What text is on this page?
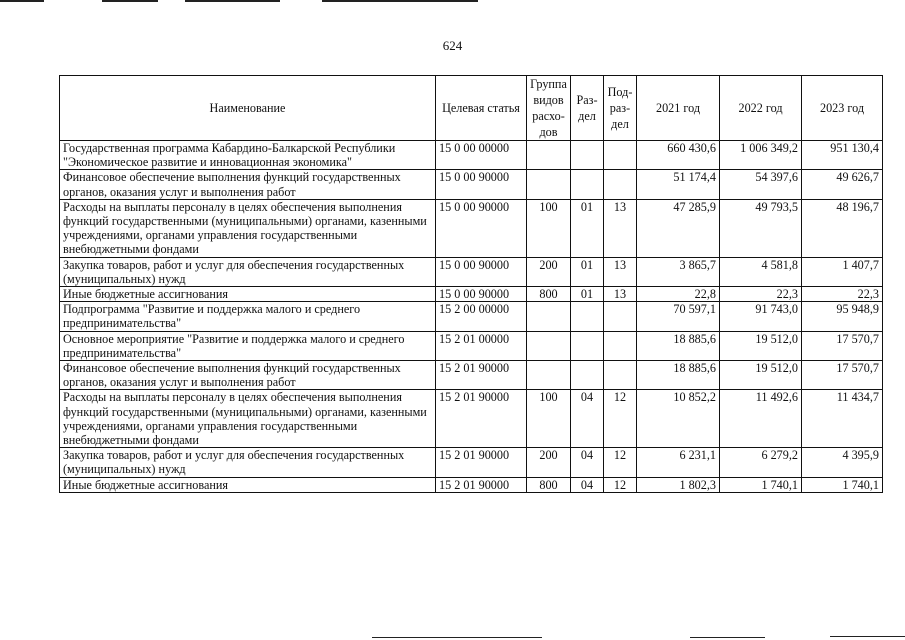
624
Наименование	Целевая статья	Группа видов расхо-дов	Раз-дел	Под-раз-дел	2021 год	2022 год	2023 год
Государственная программа Кабардино-Балкарской Республики "Экономическое развитие и инновационная экономика"	15 0 00 00000				660 430,6	1 006 349,2	951 130,4
Финансовое обеспечение выполнения функций государственных органов, оказания услуг и выполнения работ	15 0 00 90000				51 174,4	54 397,6	49 626,7
Расходы на выплаты персоналу в целях обеспечения выполнения функций государственными (муниципальными) органами, казенными учреждениями, органами управления государственными внебюджетными фондами	15 0 00 90000	100	01	13	47 285,9	49 793,5	48 196,7
Закупка товаров, работ и услуг для обеспечения государственных (муниципальных) нужд	15 0 00 90000	200	01	13	3 865,7	4 581,8	1 407,7
Иные бюджетные ассигнования	15 0 00 90000	800	01	13	22,8	22,3	22,3
Подпрограмма "Развитие и поддержка малого и среднего предпринимательства"	15 2 00 00000				70 597,1	91 743,0	95 948,9
Основное мероприятие "Развитие и поддержка малого и среднего предпринимательства"	15 2 01 00000				18 885,6	19 512,0	17 570,7
Финансовое обеспечение выполнения функций государственных органов, оказания услуг и выполнения работ	15 2 01 90000				18 885,6	19 512,0	17 570,7
Расходы на выплаты персоналу в целях обеспечения выполнения функций государственными (муниципальными) органами, казенными учреждениями, органами управления государственными внебюджетными фондами	15 2 01 90000	100	04	12	10 852,2	11 492,6	11 434,7
Закупка товаров, работ и услуг для обеспечения государственных (муниципальных) нужд	15 2 01 90000	200	04	12	6 231,1	6 279,2	4 395,9
Иные бюджетные ассигнования	15 2 01 90000	800	04	12	1 802,3	1 740,1	1 740,1
